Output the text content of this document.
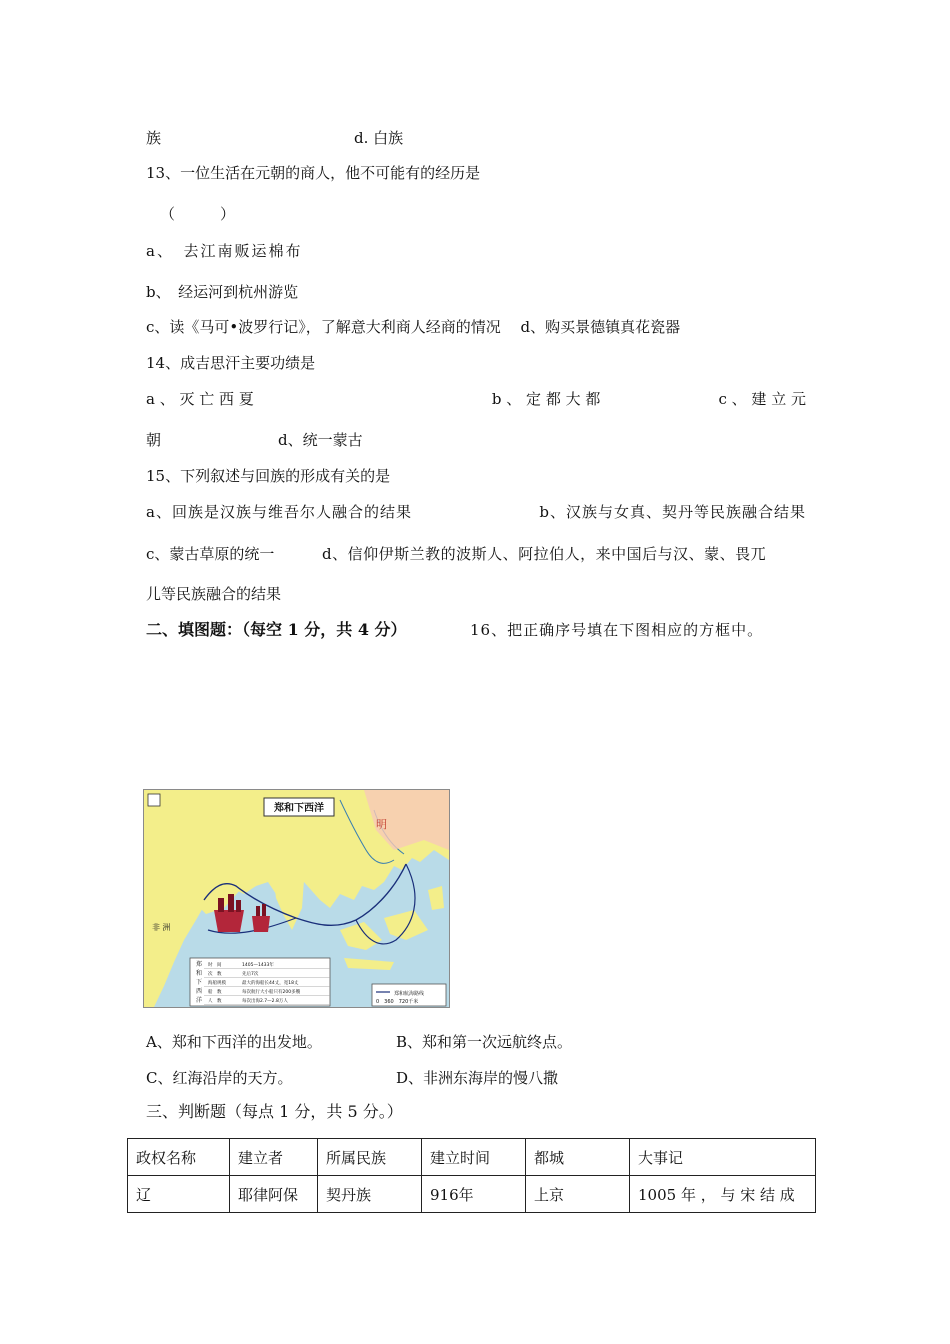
族	d. 白族
13、一位生活在元朝的商人，他不可能有的经历是
（　　　）
a、　去江南贩运棉布
b、　经运河到杭州游览
c、读《马可•波罗行记》，了解意大利商人经商的情况　 d、购买景德镇真花瓷器
14、成吉思汗主要功绩是
a 、 灭 亡 西 夏	b 、 定 都 大 都	c 、 建 立 元
朝	d、统一蒙古
15、下列叙述与回族的形成有关的是
a、回族是汉族与维吾尔人融合的结果	b、汉族与女真、契丹等民族融合结果
c、蒙古草原的统一	d、信仰伊斯兰教的波斯人、阿拉伯人，来中国后与汉、蒙、畏兀
儿等民族融合的结果
二、填图题：（每空 1 分，共 4 分）	16、把正确序号填在下图相应的方框中。
郑和下西洋
明
非 洲
郑
和
下
西
洋
时　间	1405—1433年
次　数	先后7次
海船规模	最大的海船长44丈，宽18丈
船　数	每次航行大小船只有200多艘
人　数	每次出海2.7—2.8万人
郑和航海路线
0　360　720千米
A、郑和下西洋的出发地。	B、郑和第一次远航终点。
C、红海沿岸的天方。	D、非洲东海岸的慢八撒
三、判断题（每点 1 分，共 5 分。）
政权名称	建立者	所属民族	建立时间	都城	大事记
辽	耶律阿保	契丹族	916年	上京	1005 年 ， 与 宋 结 成
